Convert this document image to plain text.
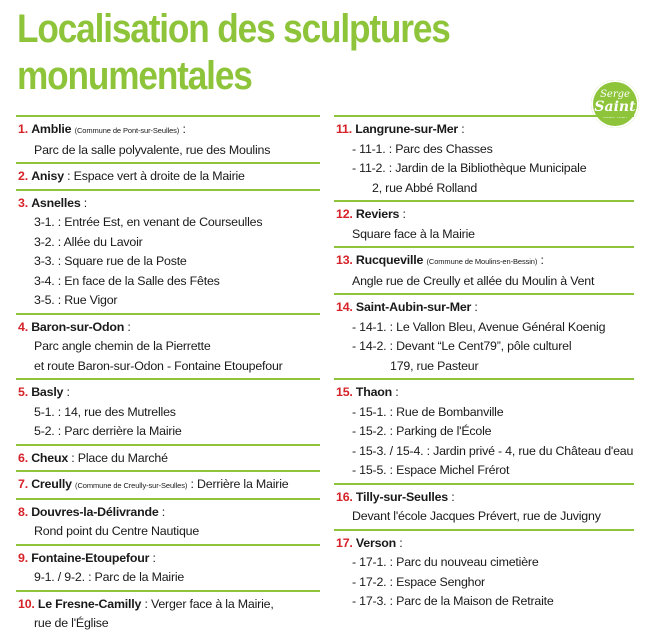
Localisation des sculptures
monumentales	Serge
Saint
SCULPTEUR
1. Amblie (Commune de Pont-sur-Seulles) :
Parc de la salle polyvalente, rue des Moulins
2. Anisy : Espace vert à droite de la Mairie
3. Asnelles :
3-1. : Entrée Est, en venant de Courseulles
3-2. : Allée du Lavoir
3-3. : Square rue de la Poste
3-4. : En face de la Salle des Fêtes
3-5. : Rue Vigor
4. Baron-sur-Odon :
Parc angle chemin de la Pierrette
et route Baron-sur-Odon - Fontaine Etoupefour
5. Basly :
5-1. : 14, rue des Mutrelles
5-2. : Parc derrière la Mairie
6. Cheux : Place du Marché
7. Creully (Commune de Creully-sur-Seulles) : Derrière la Mairie
8. Douvres-la-Délivrande :
Rond point du Centre Nautique
9. Fontaine-Etoupefour :
9-1. / 9-2. : Parc de la Mairie
10. Le Fresne-Camilly : Verger face à la Mairie,
rue de l'Église
11. Langrune-sur-Mer :
- 11-1. : Parc des Chasses
- 11-2. : Jardin de la Bibliothèque Municipale
2, rue Abbé Rolland
12. Reviers :
Square face à la Mairie
13. Rucqueville (Commune de Moulins-en-Bessin) :
Angle rue de Creully et allée du Moulin à Vent
14. Saint-Aubin-sur-Mer :
- 14-1. : Le Vallon Bleu, Avenue Général Koenig
- 14-2. : Devant “Le Cent79”, pôle culturel
179, rue Pasteur
15. Thaon :
- 15-1. : Rue de Bombanville
- 15-2. : Parking de l'École
- 15-3. / 15-4. : Jardin privé - 4, rue du Château d'eau
- 15-5. : Espace Michel Frérot
16. Tilly-sur-Seulles :
Devant l'école Jacques Prévert, rue de Juvigny
17. Verson :
- 17-1. : Parc du nouveau cimetière
- 17-2. : Espace Senghor
- 17-3. : Parc de la Maison de Retraite
